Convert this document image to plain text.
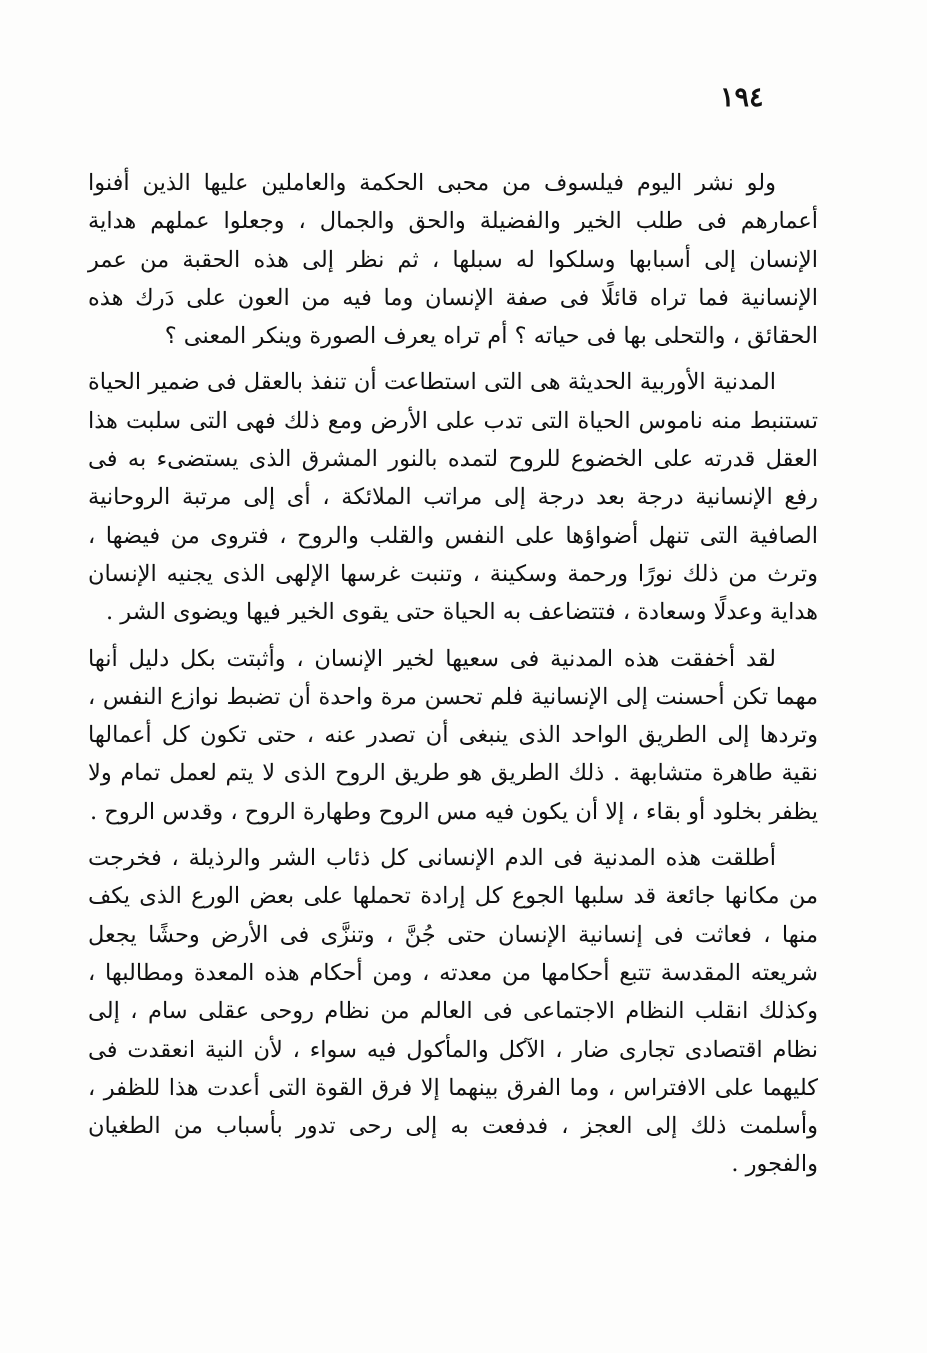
١٩٤

ولو نشر اليوم فيلسوف من محبى الحكمة والعاملين عليها الذين أفنوا أعمارهم فى طلب الخير والفضيلة والحق والجمال ، وجعلوا عملهم هداية الإنسان إلى أسبابها وسلكوا له سبلها ، ثم نظر إلى هذه الحقبة من عمر الإنسانية فما تراه قائلًا فى صفة الإنسان وما فيه من العون على دَرك هذه الحقائق ، والتحلى بها فى حياته ؟ أم تراه يعرف الصورة وينكر المعنى ؟

المدنية الأوربية الحديثة هى التى استطاعت أن تنفذ بالعقل فى ضمير الحياة تستنبط منه ناموس الحياة التى تدب على الأرض ومع ذلك فهى التى سلبت هذا العقل قدرته على الخضوع للروح لتمده بالنور المشرق الذى يستضىء به فى رفع الإنسانية درجة بعد درجة إلى مراتب الملائكة ، أى إلى مرتبة الروحانية الصافية التى تنهل أضواؤها على النفس والقلب والروح ، فتروى من فيضها ، وترث من ذلك نورًا ورحمة وسكينة ، وتنبت غرسها الإلهى الذى يجنيه الإنسان هداية وعدلًا وسعادة ، فتتضاعف به الحياة حتى يقوى الخير فيها ويضوى الشر .

لقد أخفقت هذه المدنية فى سعيها لخير الإنسان ، وأثبتت بكل دليل أنها مهما تكن أحسنت إلى الإنسانية فلم تحسن مرة واحدة أن تضبط نوازع النفس ، وتردها إلى الطريق الواحد الذى ينبغى أن تصدر عنه ، حتى تكون كل أعمالها نقية طاهرة متشابهة . ذلك الطريق هو طريق الروح الذى لا يتم لعمل تمام ولا يظفر بخلود أو بقاء ، إلا أن يكون فيه مس الروح وطهارة الروح ، وقدس الروح .

أطلقت هذه المدنية فى الدم الإنسانى كل ذئاب الشر والرذيلة ، فخرجت من مكانها جائعة قد سلبها الجوع كل إرادة تحملها على بعض الورع الذى يكف منها ، فعاثت فى إنسانية الإنسان حتى جُنَّ ، وتنزَّى فى الأرض وحشًا يجعل شريعته المقدسة تتبع أحكامها من معدته ، ومن أحكام هذه المعدة ومطالبها ، وكذلك انقلب النظام الاجتماعى فى العالم من نظام روحى عقلى سام ، إلى نظام اقتصادى تجارى ضار ، الآكل والمأكول فيه سواء ، لأن النية انعقدت فى كليهما على الافتراس ، وما الفرق بينهما إلا فرق القوة التى أعدت هذا للظفر ، وأسلمت ذلك إلى العجز ، فدفعت به إلى رحى تدور بأسباب من الطغيان والفجور .
